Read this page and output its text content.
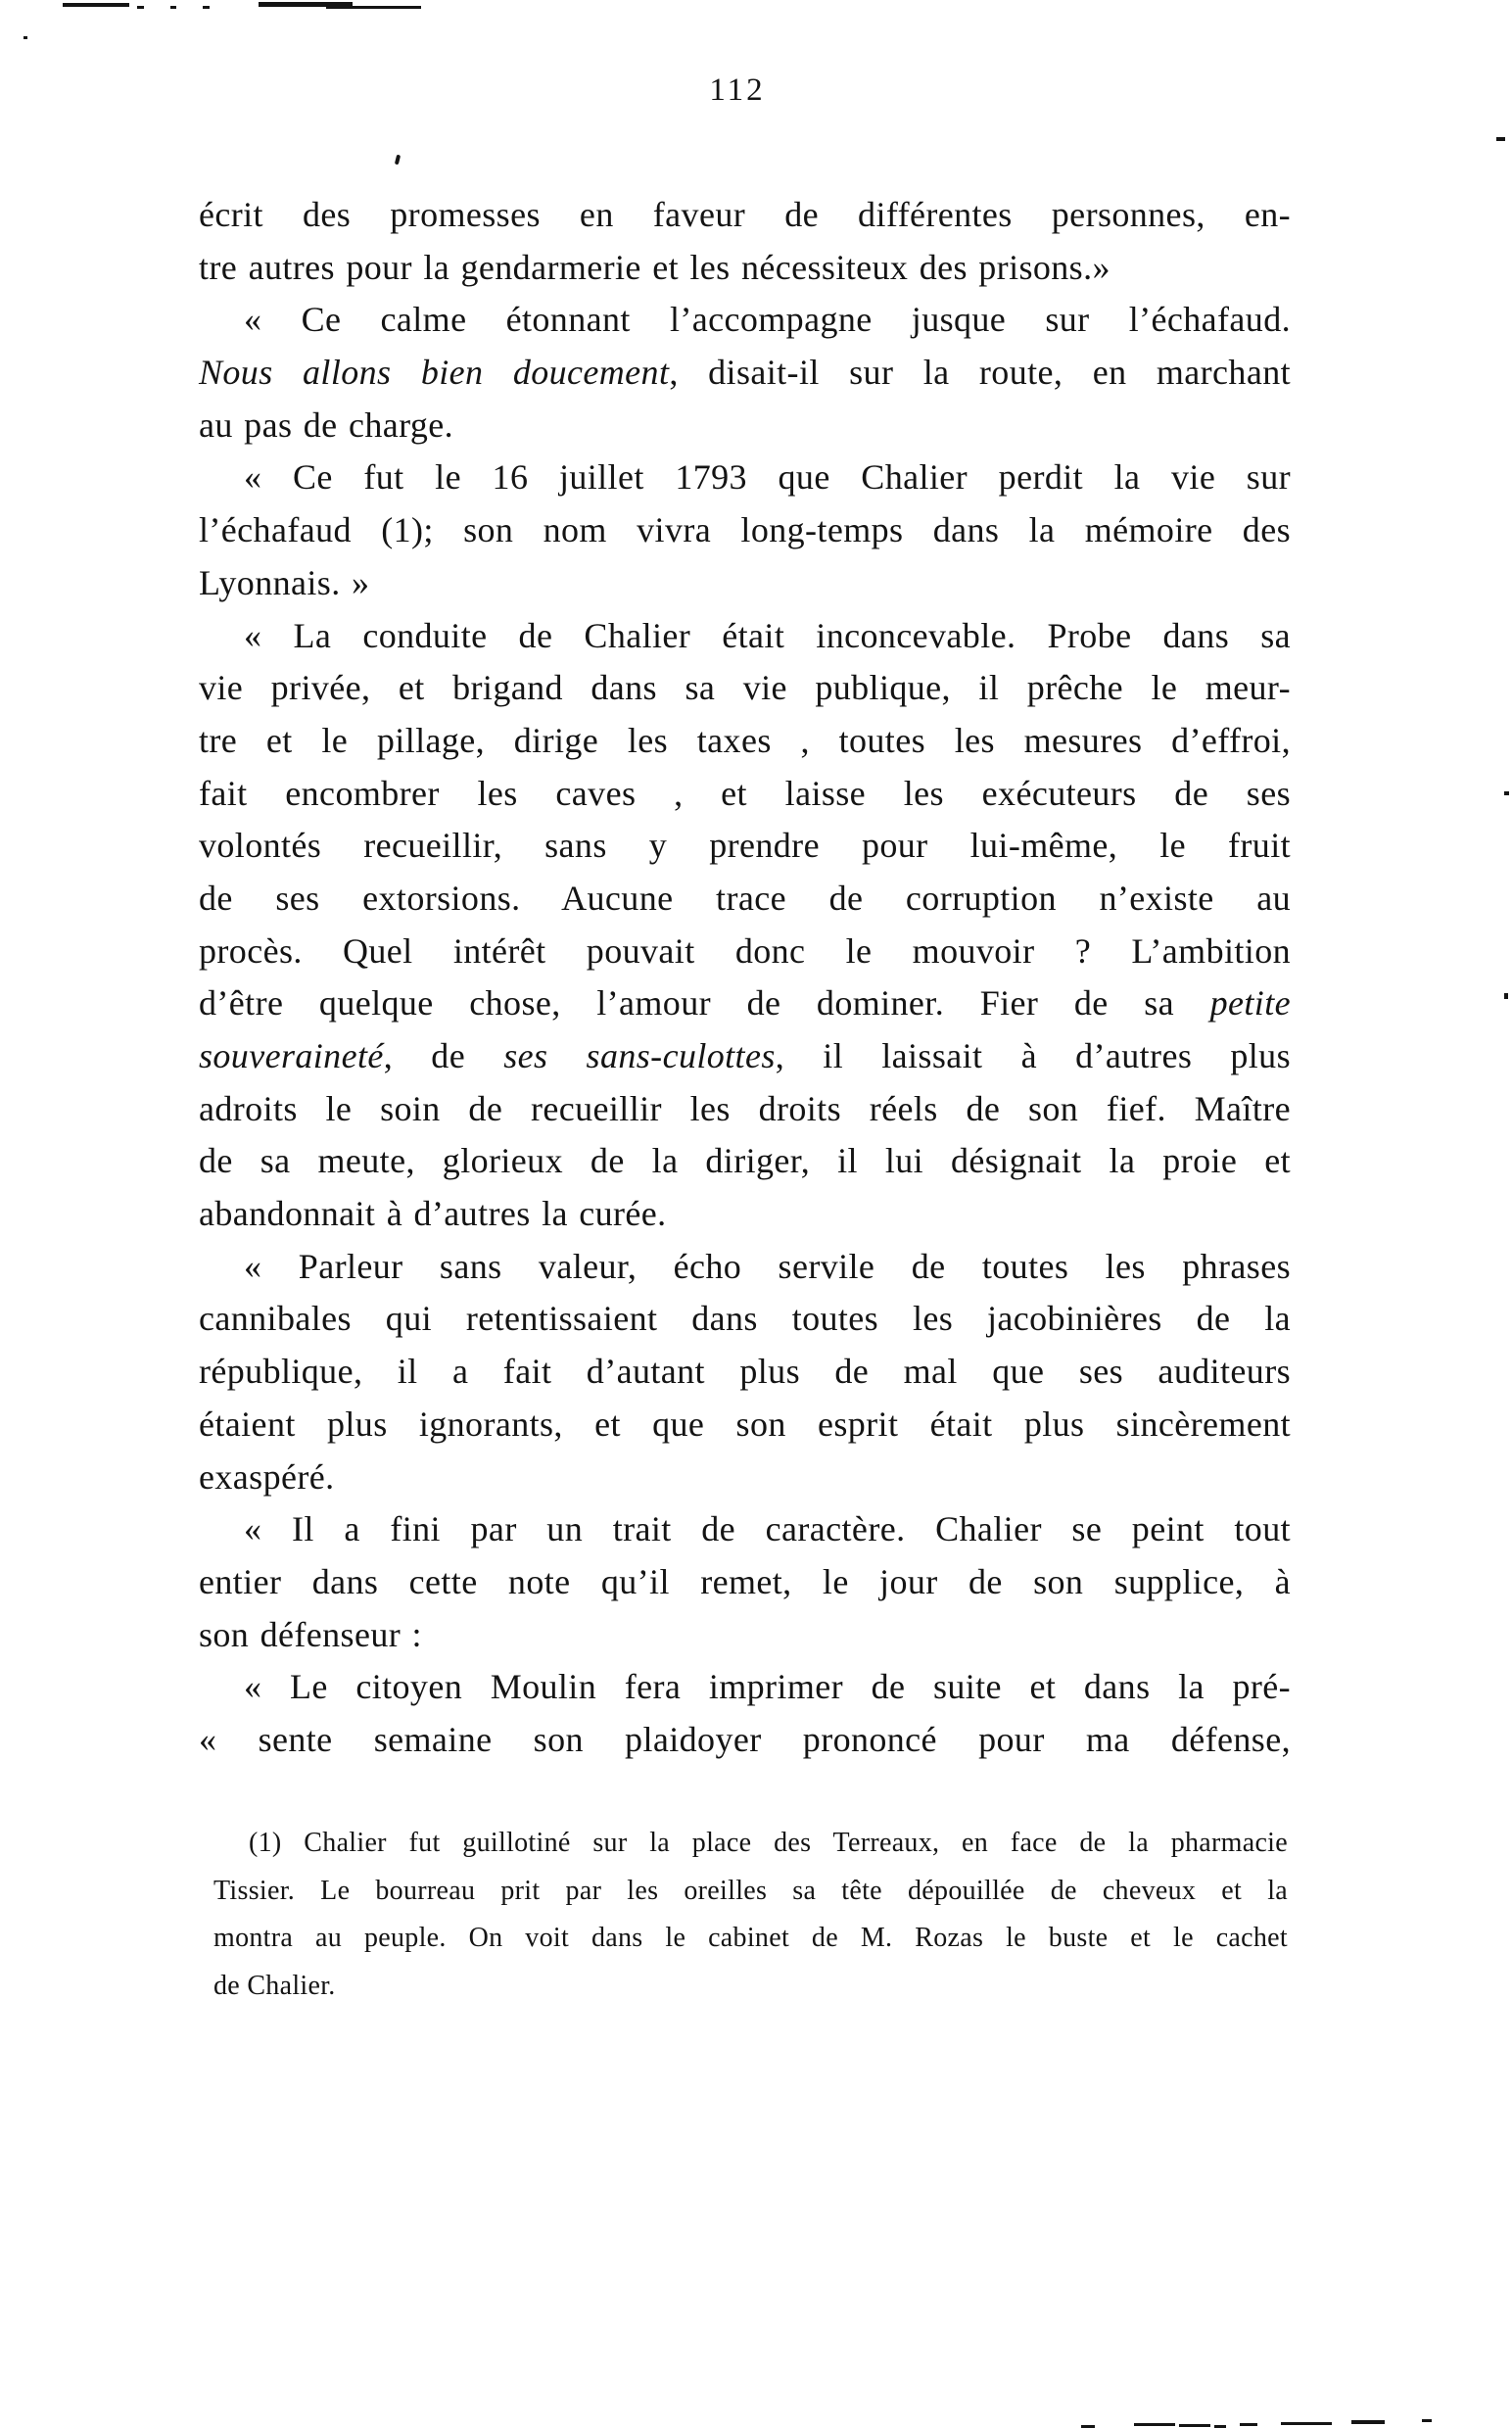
112
écrit des promesses en faveur de différentes personnes, en-
tre autres pour la gendarmerie et les nécessiteux des prisons.»
« Ce calme étonnant l’accompagne jusque sur l’échafaud.
Nous allons bien doucement, disait-il sur la route, en marchant
au pas de charge.
« Ce fut le 16 juillet 1793 que Chalier perdit la vie sur
l’échafaud (1); son nom vivra long-temps dans la mémoire des
Lyonnais. »
« La conduite de Chalier était inconcevable. Probe dans sa
vie privée, et brigand dans sa vie publique, il prêche le meur-
tre et le pillage, dirige les taxes , toutes les mesures d’effroi,
fait encombrer les caves , et laisse les exécuteurs de ses
volontés recueillir, sans y prendre pour lui-même, le fruit
de ses extorsions. Aucune trace de corruption n’existe au
procès. Quel intérêt pouvait donc le mouvoir ? L’ambition
d’être quelque chose, l’amour de dominer. Fier de sa petite
souveraineté, de ses sans-culottes, il laissait à d’autres plus
adroits le soin de recueillir les droits réels de son fief. Maître
de sa meute, glorieux de la diriger, il lui désignait la proie et
abandonnait à d’autres la curée.
« Parleur sans valeur, écho servile de toutes les phrases
cannibales qui retentissaient dans toutes les jacobinières de la
république, il a fait d’autant plus de mal que ses auditeurs
étaient plus ignorants, et que son esprit était plus sincèrement
exaspéré.
« Il a fini par un trait de caractère. Chalier se peint tout
entier dans cette note qu’il remet, le jour de son supplice, à
son défenseur :
« Le citoyen Moulin fera imprimer de suite et dans la pré-
« sente semaine son plaidoyer prononcé pour ma défense,
(1) Chalier fut guillotiné sur la place des Terreaux, en face de la pharmacie
Tissier. Le bourreau prit par les oreilles sa tête dépouillée de cheveux et la
montra au peuple. On voit dans le cabinet de M. Rozas le buste et le cachet
de Chalier.
